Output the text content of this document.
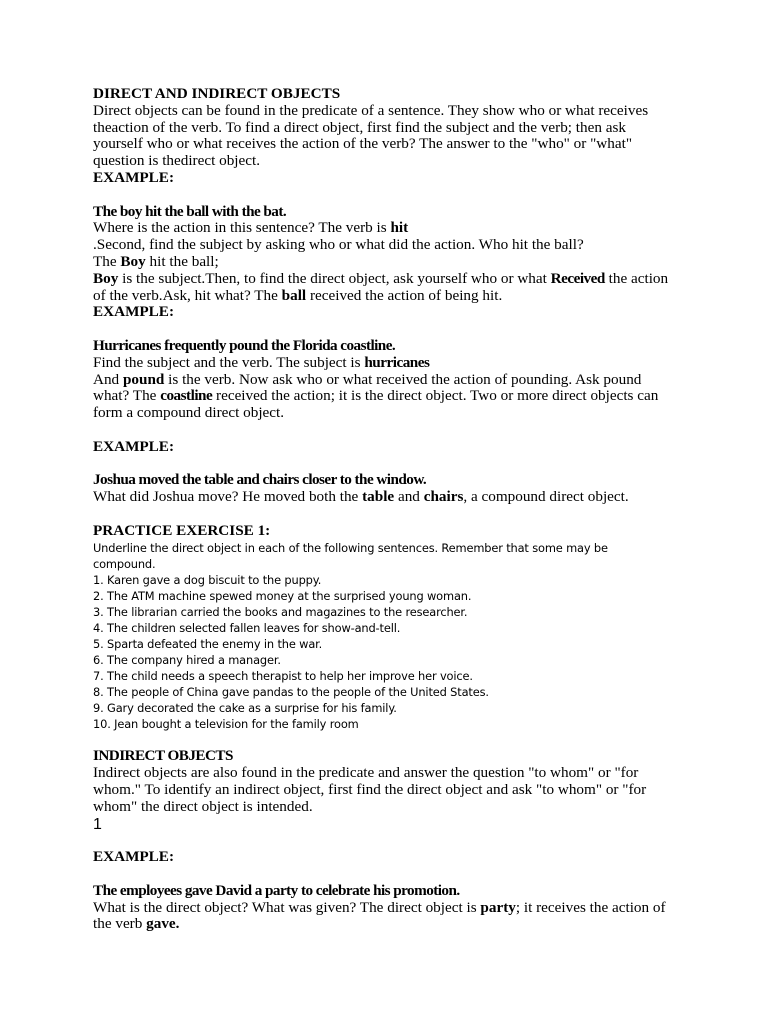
DIRECT AND INDIRECT OBJECTS

Direct objects can be found in the predicate of a sentence. They show who or what receives

theaction of the verb. To find a direct object, first find the subject and the verb; then ask

yourself who or what receives the action of the verb? The answer to the "who" or "what"

question is thedirect object.

EXAMPLE:

The boy hit the ball with the bat.

Where is the action in this sentence? The verb is hit

.Second, find the subject by asking who or what did the action. Who hit the ball?

The Boy hit the ball;

Boy is the subject.Then, to find the direct object, ask yourself who or what Received the action

of the verb.Ask, hit what? The ball received the action of being hit.

EXAMPLE:

Hurricanes frequently pound the Florida coastline.

Find the subject and the verb. The subject is hurricanes

And pound is the verb. Now ask who or what received the action of pounding. Ask pound

what? The coastline received the action; it is the direct object. Two or more direct objects can

form a compound direct object.

EXAMPLE:

Joshua moved the table and chairs closer to the window.

What did Joshua move? He moved both the table and chairs, a compound direct object.

PRACTICE EXERCISE 1:

Underline the direct object in each of the following sentences. Remember that some may be

compound.

1. Karen gave a dog biscuit to the puppy.

2. The ATM machine spewed money at the surprised young woman.

3. The librarian carried the books and magazines to the researcher.

4. The children selected fallen leaves for show-and-tell.

5. Sparta defeated the enemy in the war.

6. The company hired a manager.

7. The child needs a speech therapist to help her improve her voice.

8. The people of China gave pandas to the people of the United States.

9. Gary decorated the cake as a surprise for his family.

10. Jean bought a television for the family room

INDIRECT OBJECTS

Indirect objects are also found in the predicate and answer the question "to whom" or "for

whom." To identify an indirect object, first find the direct object and ask "to whom" or "for

whom" the direct object is intended.

1

EXAMPLE:

The employees gave David a party to celebrate his promotion.

What is the direct object? What was given? The direct object is party; it receives the action of

the verb gave.
